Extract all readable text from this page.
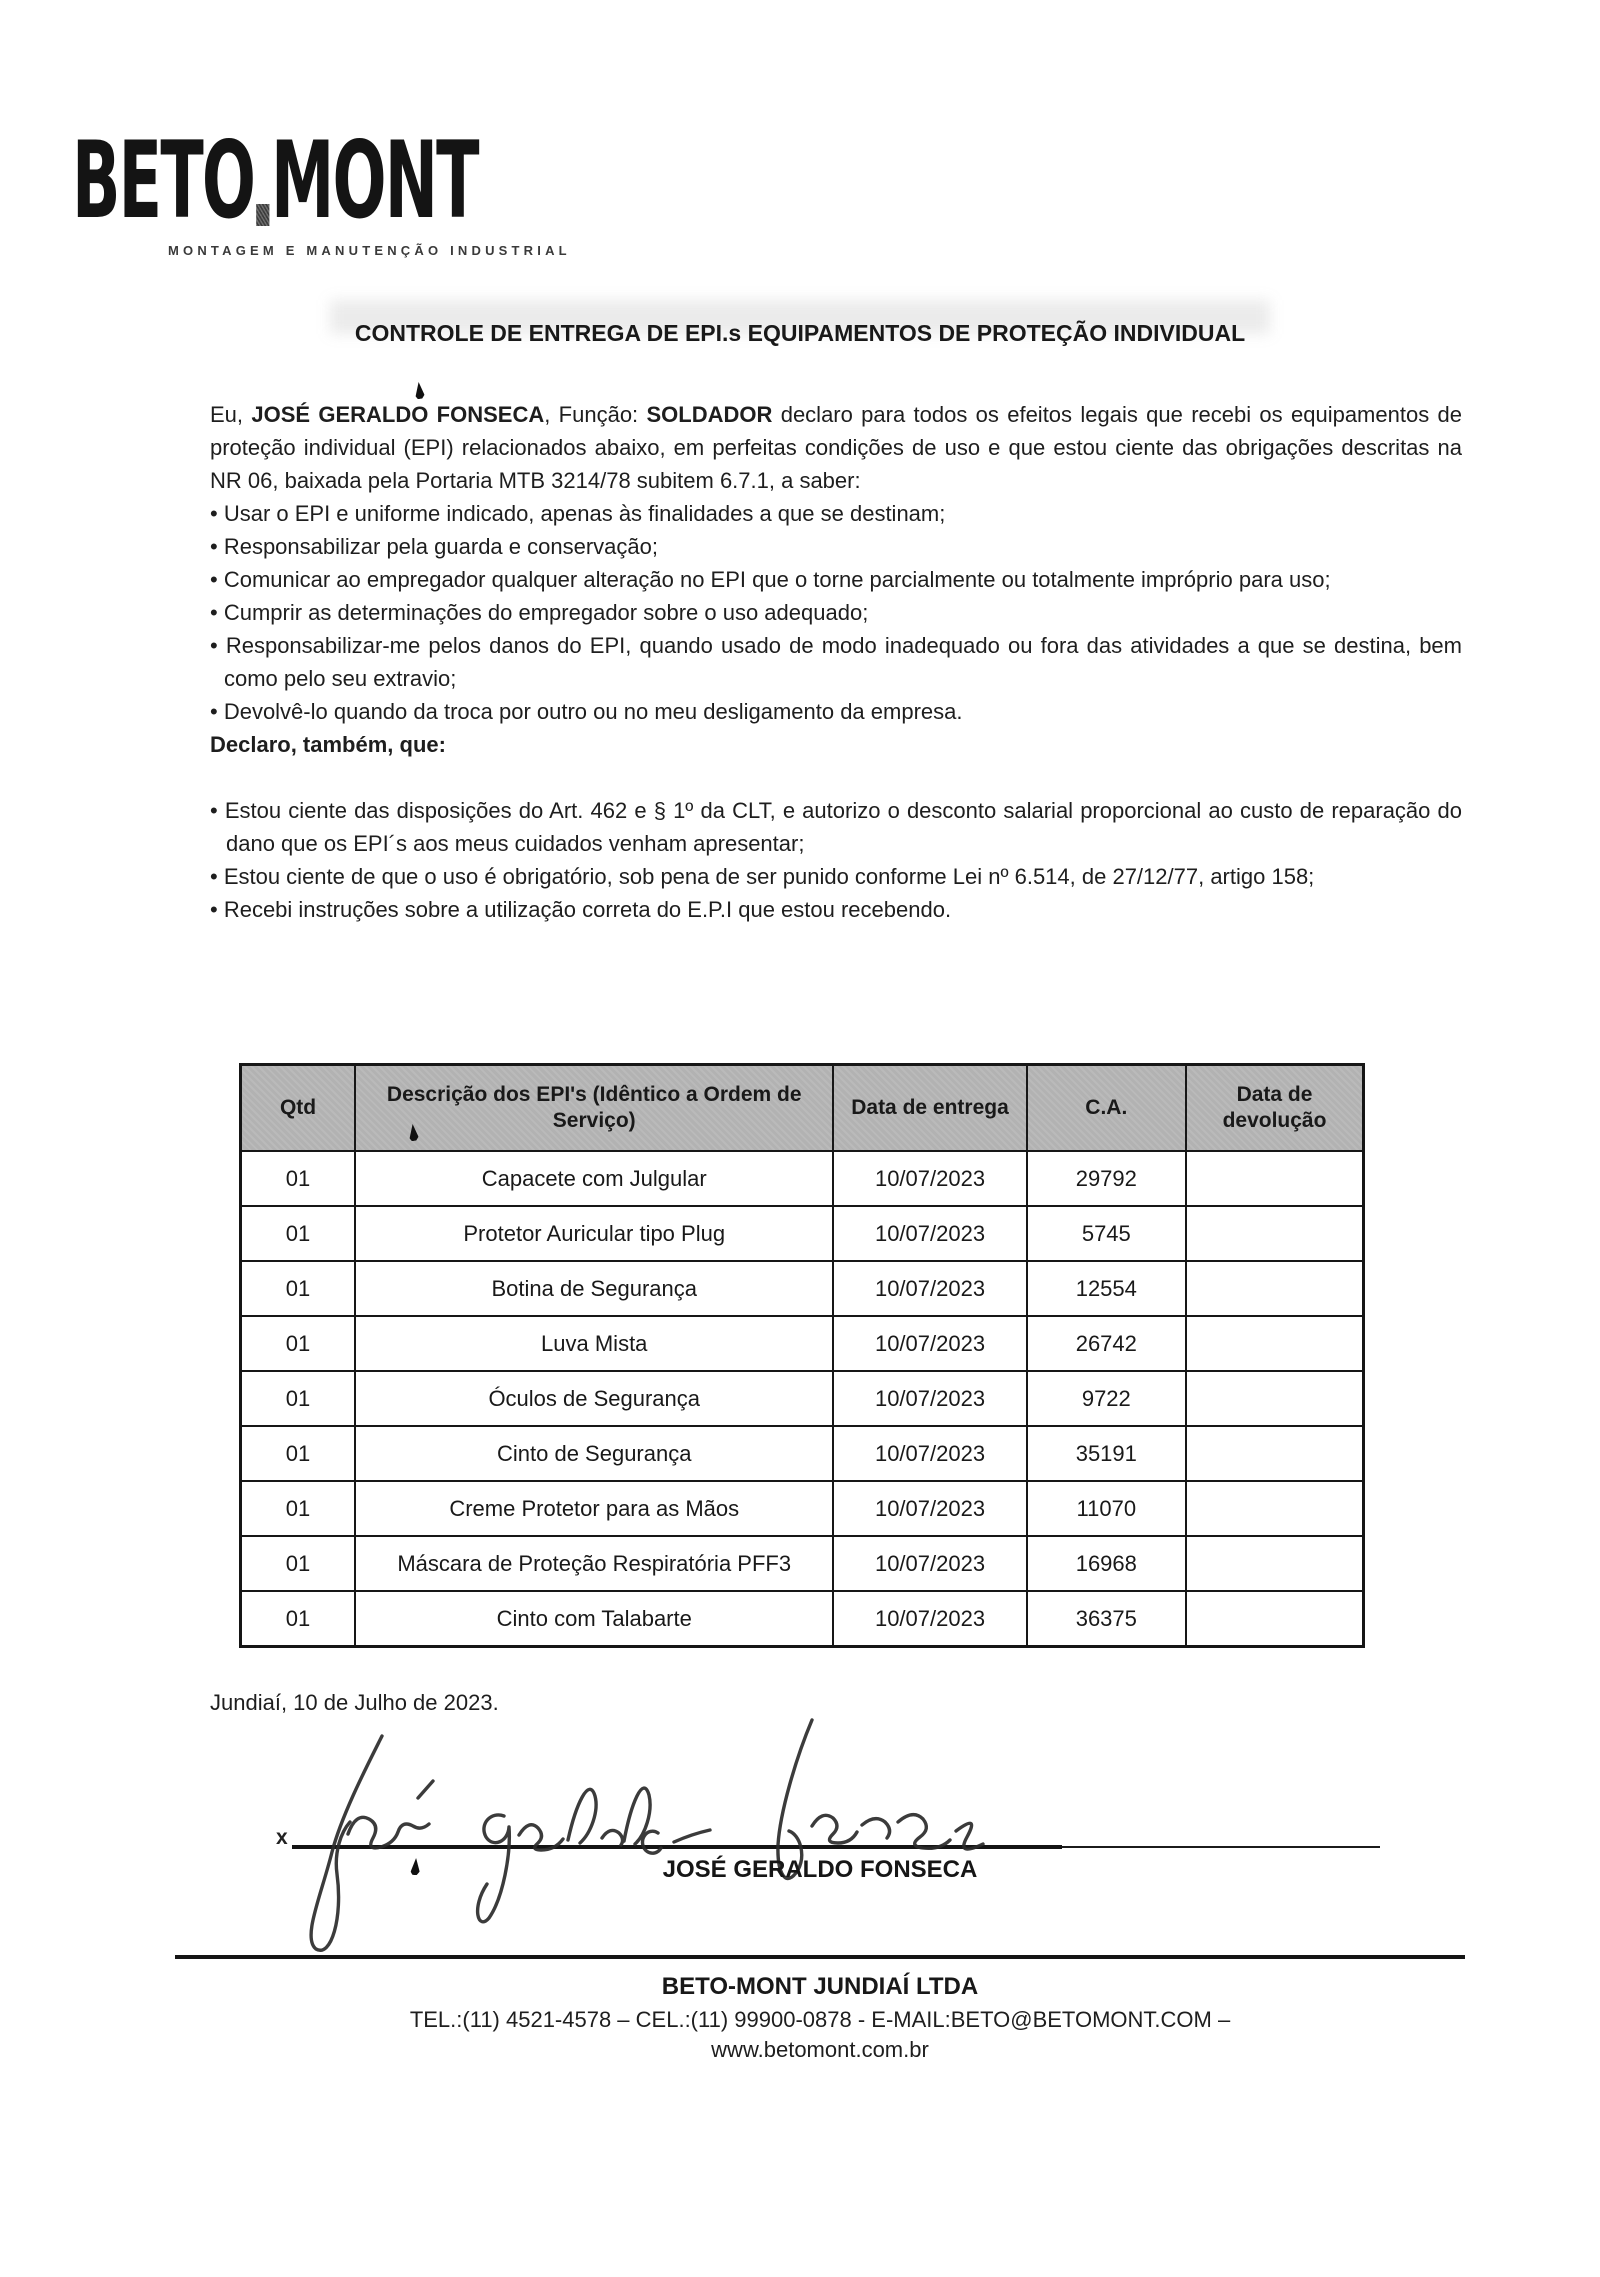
BETO MONT
MONTAGEM E MANUTENÇÃO INDUSTRIAL
CONTROLE DE ENTREGA DE EPI.s EQUIPAMENTOS DE PROTEÇÃO INDIVIDUAL

Eu, JOSÉ GERALDO FONSECA, Função: SOLDADOR declaro para todos os efeitos legais que recebi os equipamentos de proteção individual (EPI) relacionados abaixo, em perfeitas condições de uso e que estou ciente das obrigações descritas na NR 06, baixada pela Portaria MTB 3214/78 subitem 6.7.1, a saber:

• Usar o EPI e uniforme indicado, apenas às finalidades a que se destinam;
• Responsabilizar pela guarda e conservação;
• Comunicar ao empregador qualquer alteração no EPI que o torne parcialmente ou totalmente impróprio para uso;
• Cumprir as determinações do empregador sobre o uso adequado;
• Responsabilizar-me pelos danos do EPI, quando usado de modo inadequado ou fora das atividades a que se destina, bem como pelo seu extravio;
• Devolvê-lo quando da troca por outro ou no meu desligamento da empresa.

Declaro, também, que:

• Estou ciente das disposições do Art. 462 e § 1º da CLT, e autorizo o desconto salarial proporcional ao custo de reparação do dano que os EPI´s aos meus cuidados venham apresentar;
• Estou ciente de que o uso é obrigatório, sob pena de ser punido conforme Lei nº 6.514, de 27/12/77, artigo 158;
• Recebi instruções sobre a utilização correta do E.P.I que estou recebendo.
Qtd	Descrição dos EPI's (Idêntico a Ordem de Serviço)	Data de entrega	C.A.	Data de devolução
01	Capacete com Julgular	10/07/2023	29792	
01	Protetor Auricular tipo Plug	10/07/2023	5745	
01	Botina de Segurança	10/07/2023	12554	
01	Luva Mista	10/07/2023	26742	
01	Óculos de Segurança	10/07/2023	9722	
01	Cinto de Segurança	10/07/2023	35191	
01	Creme Protetor para as Mãos	10/07/2023	11070	
01	Máscara de Proteção Respiratória PFF3	10/07/2023	16968	
01	Cinto com Talabarte	10/07/2023	36375	
Jundiaí, 10 de Julho de 2023.
x
JOSÉ GERALDO FONSECA

BETO-MONT JUNDIAÍ LTDA

TEL.:(11) 4521-4578 – CEL.:(11) 99900-0878 - E-MAIL:BETO@BETOMONT.COM –

www.betomont.com.br
